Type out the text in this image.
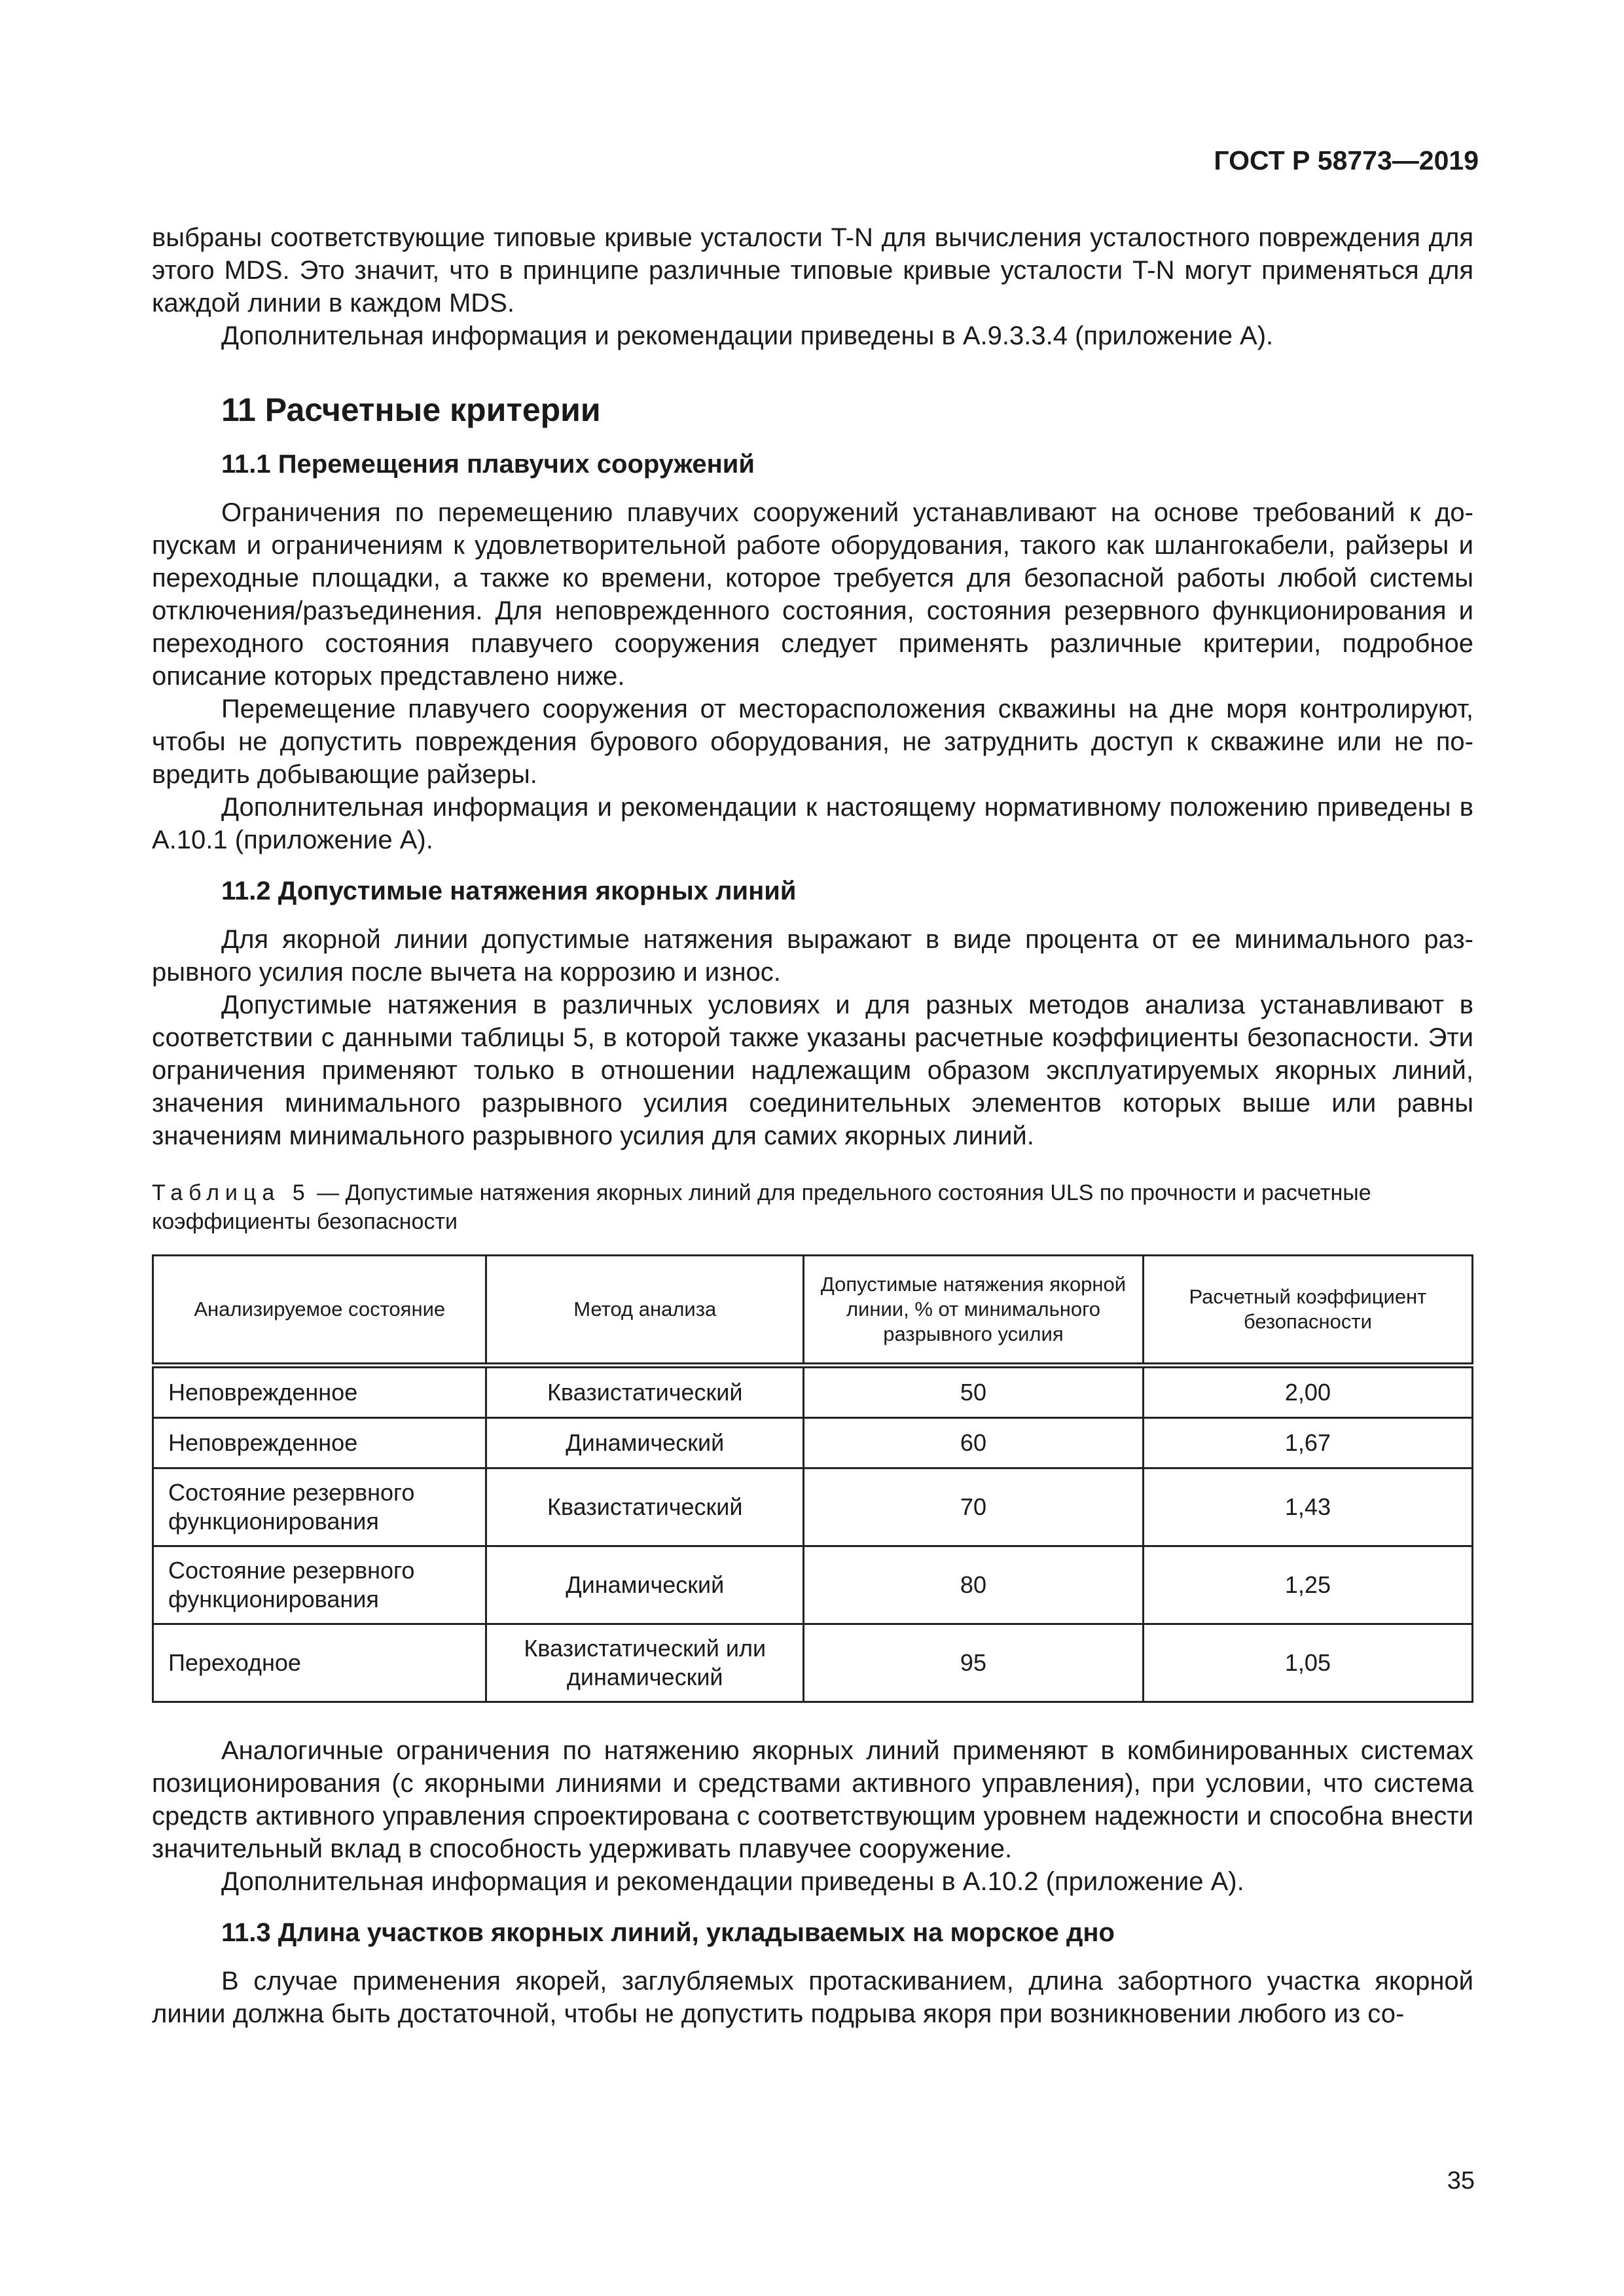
ГОСТ Р 58773—2019

выбраны соответствующие типовые кривые усталости T-N для вычисления усталостного повреждения для этого MDS. Это значит, что в принципе различные типовые кривые усталости T-N могут применяться для каждой линии в каждом MDS.

Дополнительная информация и рекомендации приведены в А.9.3.3.4 (приложение А).

11 Расчетные критерии
11.1 Перемещения плавучих сооружений

Ограничения по перемещению плавучих сооружений устанавливают на основе требований к допускам и ограничениям к удовлетворительной работе оборудования, такого как шлангокабели, райзеры и переходные площадки, а также ко времени, которое требуется для безопасной работы любой системы отключения/разъединения. Для неповрежденного состояния, состояния резервного функционирования и переходного состояния плавучего сооружения следует применять различные критерии, подробное описание которых представлено ниже.

Перемещение плавучего сооружения от месторасположения скважины на дне моря контролируют, чтобы не допустить повреждения бурового оборудования, не затруднить доступ к скважине или не повредить добывающие райзеры.

Дополнительная информация и рекомендации к настоящему нормативному положению приведены в А.10.1 (приложение А).

11.2 Допустимые натяжения якорных линий

Для якорной линии допустимые натяжения выражают в виде процента от ее минимального разрывного усилия после вычета на коррозию и износ.

Допустимые натяжения в различных условиях и для разных методов анализа устанавливают в соответствии с данными таблицы 5, в которой также указаны расчетные коэффициенты безопасности. Эти ограничения применяют только в отношении надлежащим образом эксплуатируемых якорных линий, значения минимального разрывного усилия соединительных элементов которых выше или равны значениям минимального разрывного усилия для самих якорных линий.

Таблица 5 — Допустимые натяжения якорных линий для предельного состояния ULS по прочности и расчетные коэффициенты безопасности
Анализируемое состояние	Метод анализа	Допустимые натяжения якорной линии, % от минимального разрывного усилия	Расчетный коэффициент безопасности
Неповрежденное	Квазистатический	50	2,00
Неповрежденное	Динамический	60	1,67
Состояние резервного функционирования	Квазистатический	70	1,43
Состояние резервного функционирования	Динамический	80	1,25
Переходное	Квазистатический или динамический	95	1,05

Аналогичные ограничения по натяжению якорных линий применяют в комбинированных системах позиционирования (с якорными линиями и средствами активного управления), при условии, что система средств активного управления спроектирована с соответствующим уровнем надежности и способна внести значительный вклад в способность удерживать плавучее сооружение.

Дополнительная информация и рекомендации приведены в А.10.2 (приложение А).

11.3 Длина участков якорных линий, укладываемых на морское дно

В случае применения якорей, заглубляемых протаскиванием, длина забортного участка якорной линии должна быть достаточной, чтобы не допустить подрыва якоря при возникновении любого из со-

35
